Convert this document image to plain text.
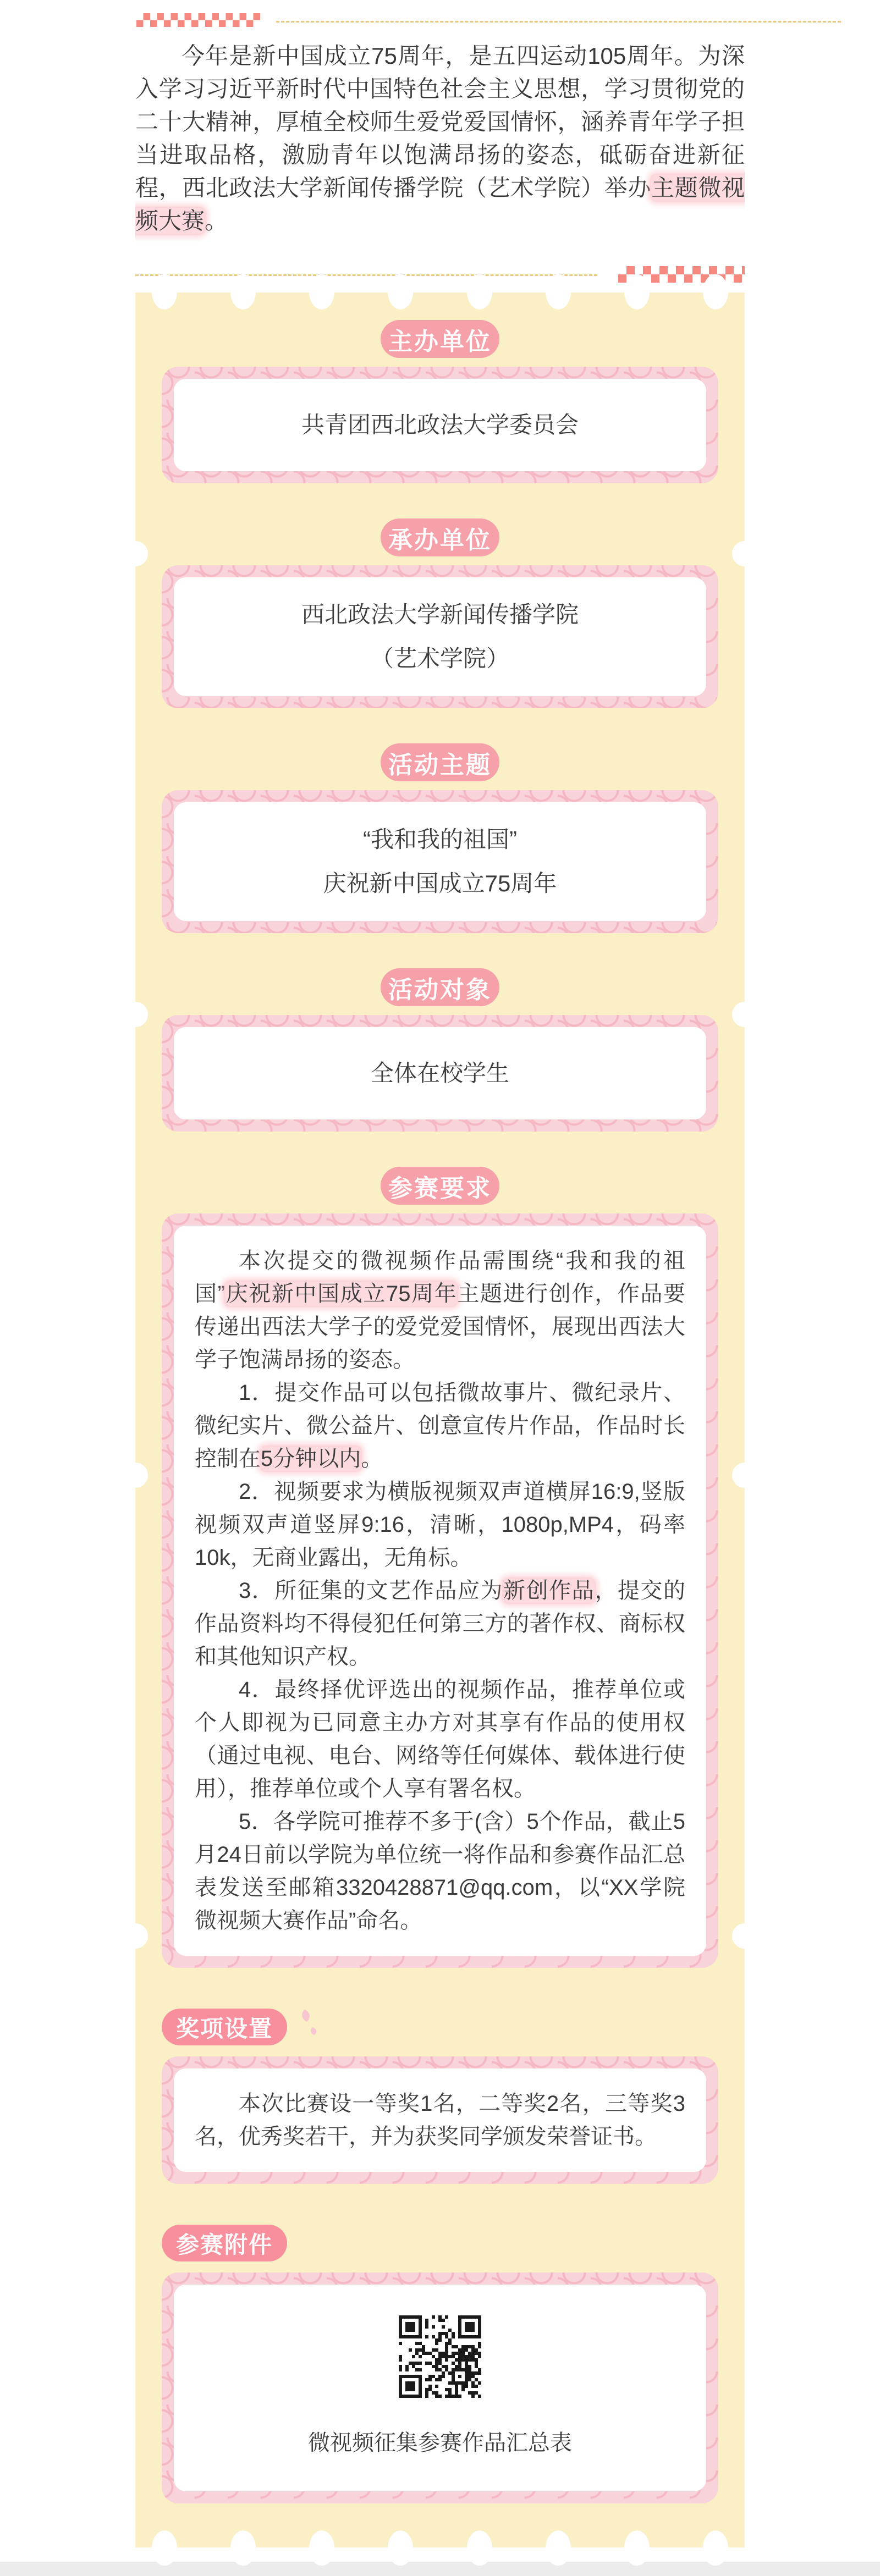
今年是新中国成立75周年，是五四运动105周年。为深入学习习近平新时代中国特色社会主义思想，学习贯彻党的二十大精神，厚植全校师生爱党爱国情怀，涵养青年学子担当进取品格，激励青年以饱满昂扬的姿态，砥砺奋进新征程，西北政法大学新闻传播学院（艺术学院）举办主题微视频大赛。

主办单位
共青团西北政法大学委员会
承办单位
西北政法大学新闻传播学院
（艺术学院）
活动主题
“我和我的祖国”
庆祝新中国成立75周年
活动对象
全体在校学生
参赛要求

本次提交的微视频作品需围绕“我和我的祖国”庆祝新中国成立75周年主题进行创作，作品要传递出西法大学子的爱党爱国情怀，展现出西法大学子饱满昂扬的姿态。

1．提交作品可以包括微故事片、微纪录片、微纪实片、微公益片、创意宣传片作品，作品时长控制在5分钟以内。

2．视频要求为横版视频双声道横屏16:9,竖版视频双声道竖屏9:16，清晰，1080p,MP4，码率10k，无商业露出，无角标。

3．所征集的文艺作品应为新创作品，提交的作品资料均不得侵犯任何第三方的著作权、商标权和其他知识产权。

4．最终择优评选出的视频作品，推荐单位或个人即视为已同意主办方对其享有作品的使用权（通过电视、电台、网络等任何媒体、载体进行使用），推荐单位或个人享有署名权。

5．各学院可推荐不多于(含）5个作品，截止5月24日前以学院为单位统一将作品和参赛作品汇总表发送至邮箱3320428871@qq.com，以“XX学院微视频大赛作品”命名。

奖项设置

本次比赛设一等奖1名，二等奖2名，三等奖3名，优秀奖若干，并为获奖同学颁发荣誉证书。

参赛附件
微视频征集参赛作品汇总表
